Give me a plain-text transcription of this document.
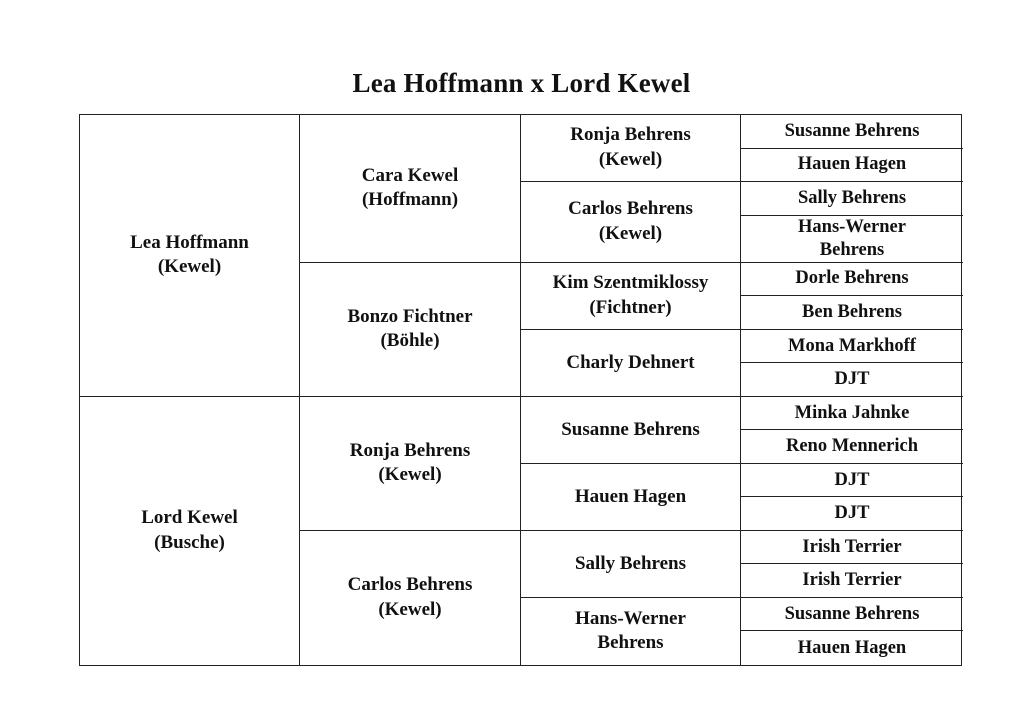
Lea Hoffmann x Lord Kewel
Lea Hoffmann
(Kewel)
Lord Kewel
(Busche)
Cara Kewel
(Hoffmann)
Bonzo Fichtner
(Böhle)
Ronja Behrens
(Kewel)
Carlos Behrens
(Kewel)
Ronja Behrens
(Kewel)
Carlos Behrens
(Kewel)
Kim Szentmiklossy
(Fichtner)
Charly Dehnert
Susanne Behrens
Hauen Hagen
Sally Behrens
Hans-Werner
Behrens
Susanne Behrens
Hauen Hagen
Sally Behrens
Hans-Werner
Behrens
Dorle Behrens
Ben Behrens
Mona Markhoff
DJT
Minka Jahnke
Reno Mennerich
DJT
DJT
Irish Terrier
Irish Terrier
Susanne Behrens
Hauen Hagen
